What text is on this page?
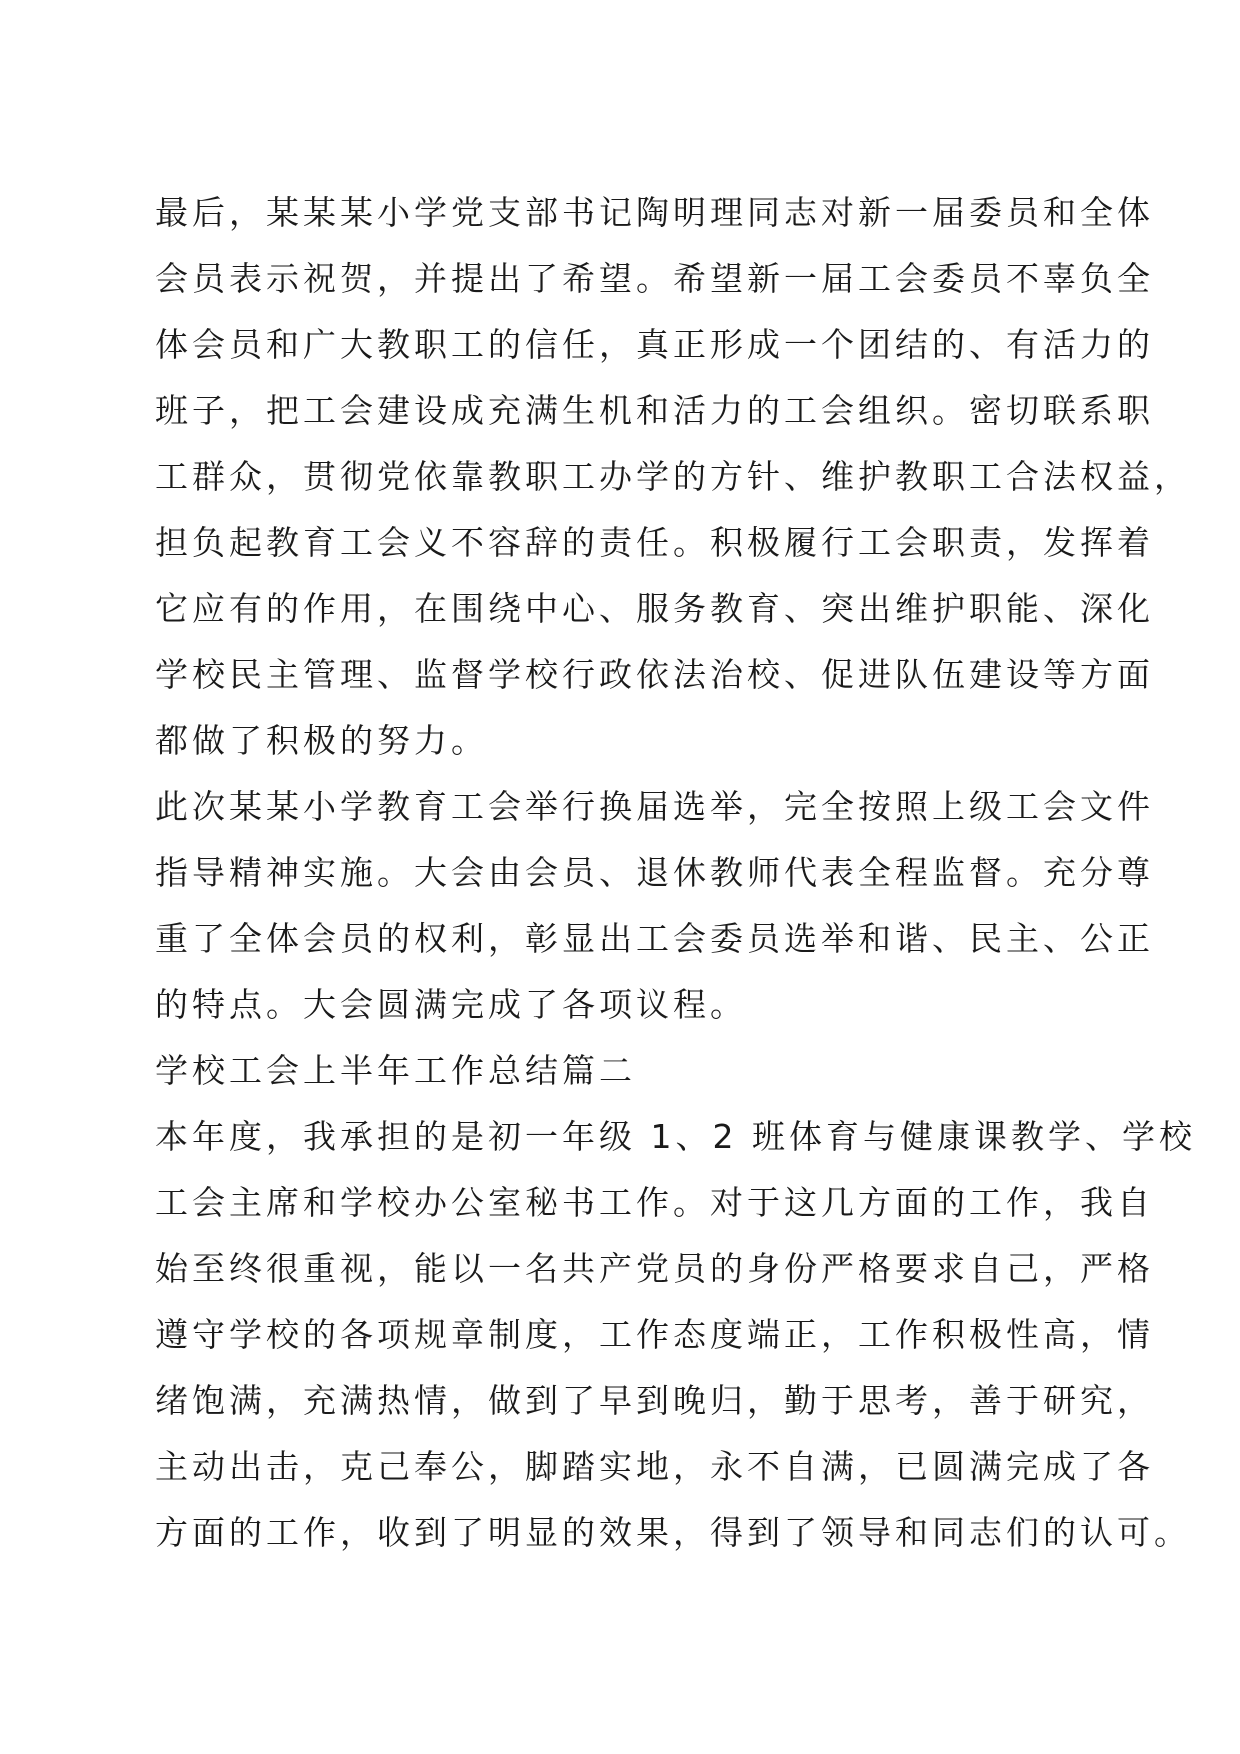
最后，某某某小学党支部书记陶明理同志对新一届委员和全体
会员表示祝贺，并提出了希望。希望新一届工会委员不辜负全
体会员和广大教职工的信任，真正形成一个团结的、有活力的
班子，把工会建设成充满生机和活力的工会组织。密切联系职
工群众，贯彻党依靠教职工办学的方针、维护教职工合法权益，
担负起教育工会义不容辞的责任。积极履行工会职责，发挥着
它应有的作用，在围绕中心、服务教育、突出维护职能、深化
学校民主管理、监督学校行政依法治校、促进队伍建设等方面
都做了积极的努力。
此次某某小学教育工会举行换届选举，完全按照上级工会文件
指导精神实施。大会由会员、退休教师代表全程监督。充分尊
重了全体会员的权利，彰显出工会委员选举和谐、民主、公正
的特点。大会圆满完成了各项议程。
学校工会上半年工作总结篇二
本年度，我承担的是初一年级 1、2 班体育与健康课教学、学校
工会主席和学校办公室秘书工作。对于这几方面的工作，我自
始至终很重视，能以一名共产党员的身份严格要求自己，严格
遵守学校的各项规章制度，工作态度端正，工作积极性高，情
绪饱满，充满热情，做到了早到晚归，勤于思考，善于研究，
主动出击，克己奉公，脚踏实地，永不自满，已圆满完成了各
方面的工作，收到了明显的效果，得到了领导和同志们的认可。
